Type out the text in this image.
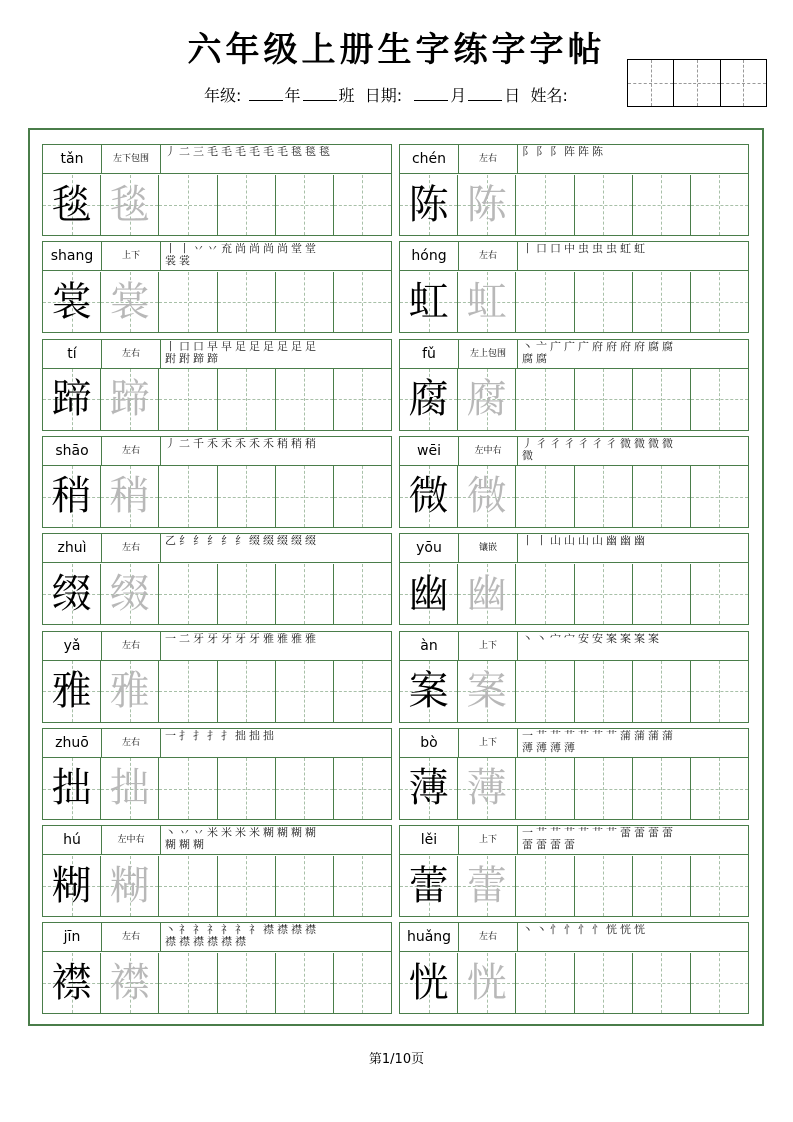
六年级上册生字练字字帖
年级:	年 班 日期:	月 日 姓名:
tǎn	左下包围
丿二三毛毛毛毛毛毛毯毯毯
毯 毯
chén	左右
阝阝阝阵阵陈
陈 陈
shang	上下
丨丨丷丷㐬尚尚尚尚堂堂
裳裳
裳 裳
hóng	左右
丨口口中虫虫虫虹虹
虹 虹
tí	左右
丨口口早早足足足足足足
跗跗蹄蹄
蹄 蹄
fǔ	左上包围
丶亠广广广府府府府腐腐
腐腐
腐 腐
shāo	左右
丿二千禾禾禾禾禾稍稍稍
稍 稍
wēi	左中右
丿彳彳彳彳彳彳微微微微
微
微 微
zhuì	左右
乙纟纟纟纟纟缀缀缀缀缀
缀 缀
yōu	镶嵌
丨丨山山山山幽幽幽
幽 幽
yǎ	左右
一二牙牙牙牙牙雅雅雅雅
雅 雅
àn	上下
丶丶宀宀安安案案案案
案 案
zhuō	左右
一扌扌扌扌拙拙拙
拙 拙
bò	上下
一艹艹艹艹艹艹蒲蒲蒲蒲
薄薄薄薄
薄 薄
hú	左中右
丶丷丷米米米米糊糊糊糊
糊糊糊
糊 糊
lěi	上下
一艹艹艹艹艹艹蕾蕾蕾蕾
蕾蕾蕾蕾
蕾 蕾
jīn	左右
丶礻礻礻礻礻礻襟襟襟襟
襟襟襟襟襟襟
襟 襟
huǎng	左右
丶丶忄忄忄忄恍恍恍
恍 恍
第1/10页
